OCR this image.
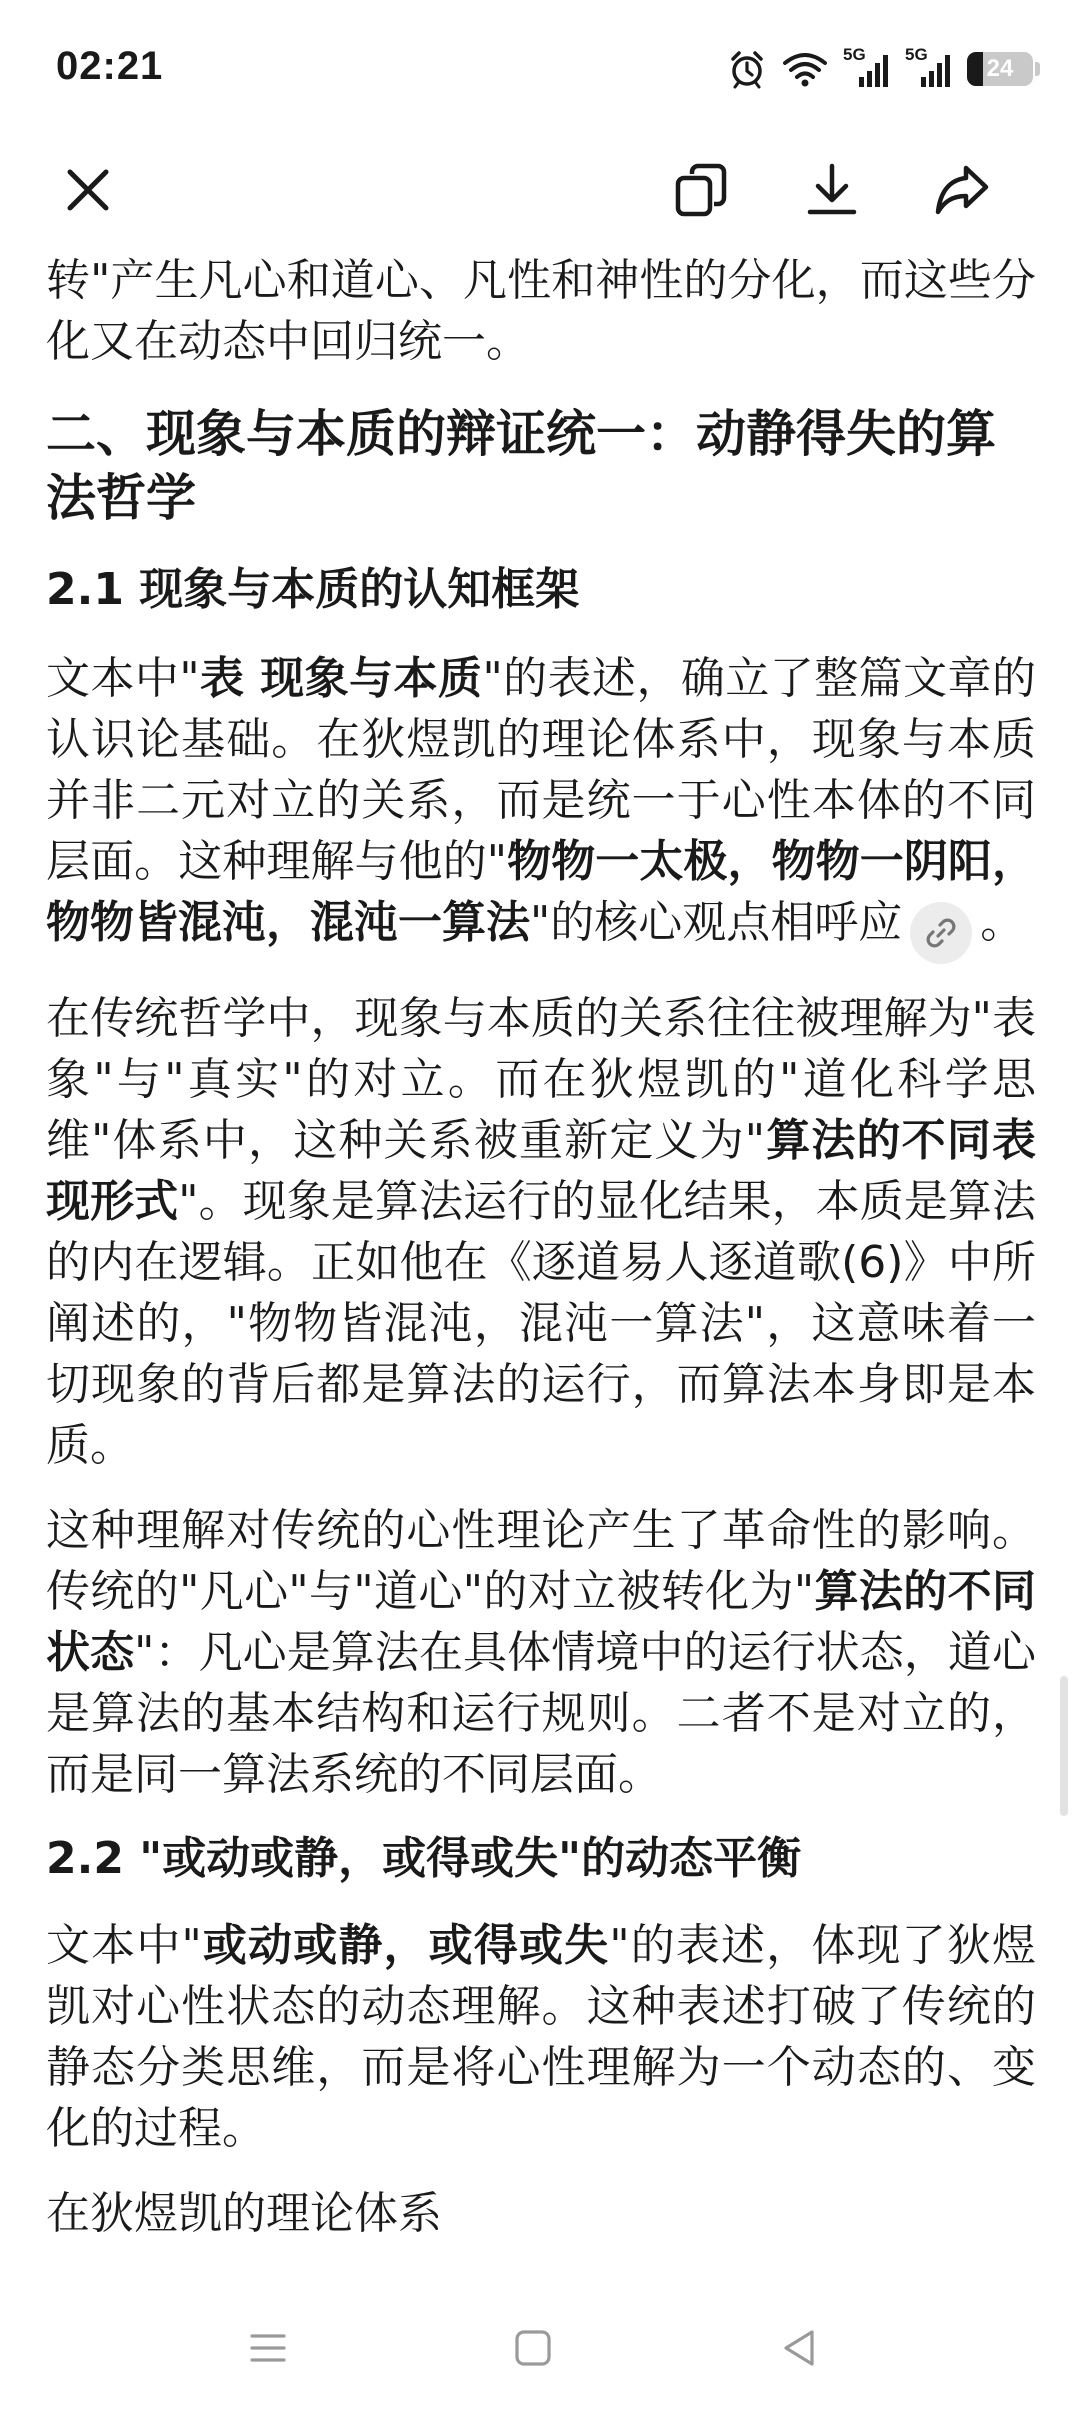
02:21	5G 5G
24

转"产生凡心和道心、凡性和神性的分化，而这些分化又在动态中回归统一。

二、现象与本质的辩证统一：动静得失的算法哲学
2.1 现象与本质的认知框架

文本中"表 现象与本质"的表述，确立了整篇文章的认识论基础。在狄煜凯的理论体系中，现象与本质并非二元对立的关系，而是统一于心性本体的不同层面。这种理解与他的"物物一太极，物物一阴阳，物物皆混沌，混沌一算法"的核心观点相呼应 。

在传统哲学中，现象与本质的关系往往被理解为"表象"与"真实"的对立。而在狄煜凯的"道化科学思维"体系中，这种关系被重新定义为"算法的不同表现形式"。现象是算法运行的显化结果，本质是算法的内在逻辑。正如他在《逐道易人逐道歌(6)》中所阐述的，"物物皆混沌，混沌一算法"，这意味着一切现象的背后都是算法的运行，而算法本身即是本质。

这种理解对传统的心性理论产生了革命性的影响。传统的"凡心"与"道心"的对立被转化为"算法的不同状态"：凡心是算法在具体情境中的运行状态，道心是算法的基本结构和运行规则。二者不是对立的，而是同一算法系统的不同层面。

2.2 "或动或静，或得或失"的动态平衡

文本中"或动或静，或得或失"的表述，体现了狄煜凯对心性状态的动态理解。这种表述打破了传统的静态分类思维，而是将心性理解为一个动态的、变化的过程。

在狄煜凯的理论体系
